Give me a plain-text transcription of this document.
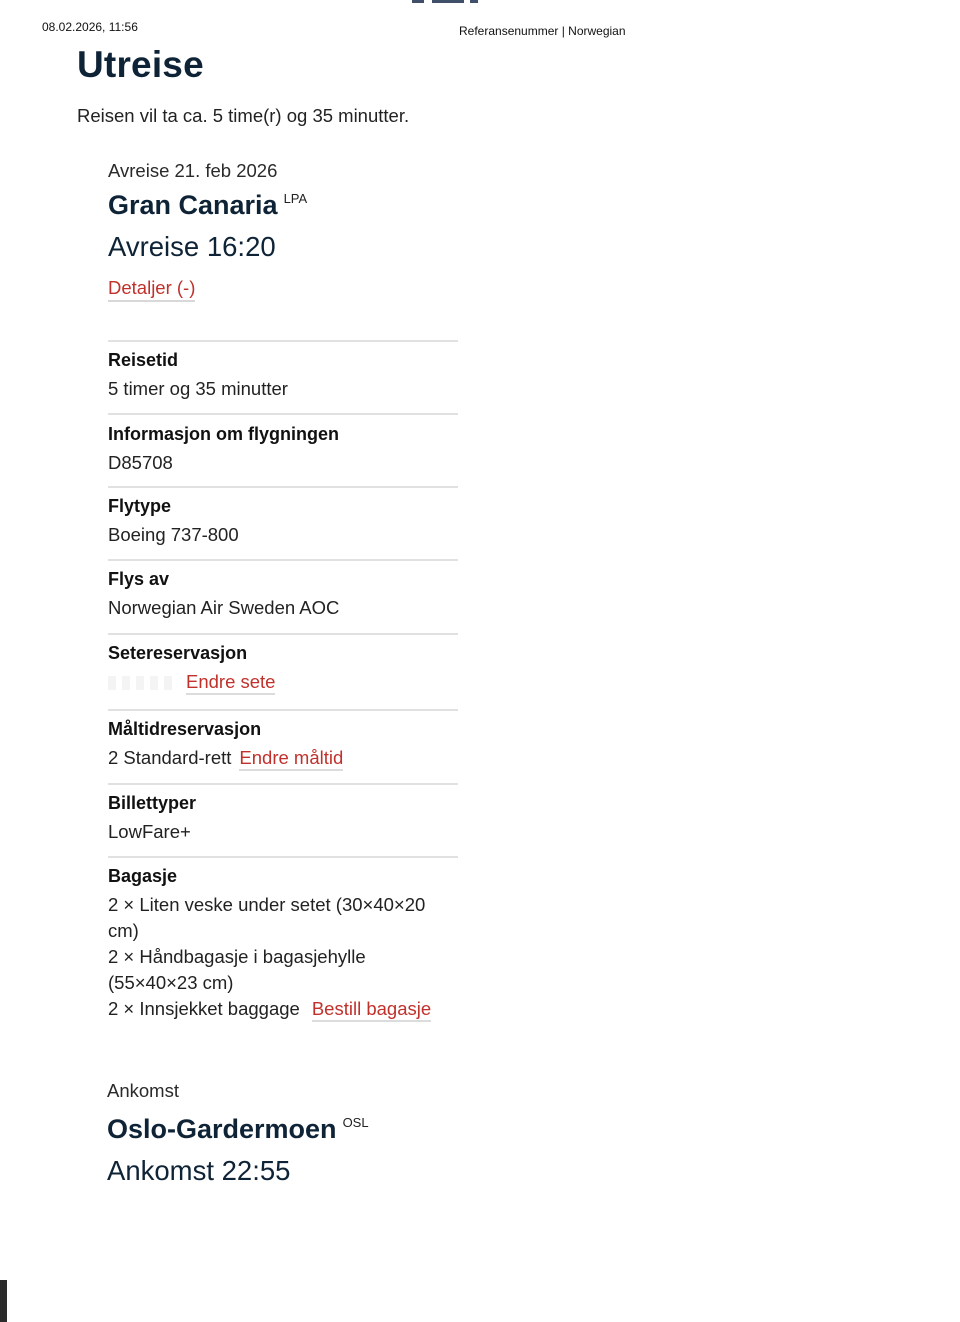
08.02.2026, 11:56	Referansenummer | Norwegian
Utreise
Reisen vil ta ca. 5 time(r) og 35 minutter.
Avreise 21. feb 2026
Gran Canaria $^{LPA}$
Avreise 16:20
Detaljer (-)
Reisetid
5 timer og 35 minutter
Informasjon om flygningen
D85708
Flytype
Boeing 737-800
Flys av
Norwegian Air Sweden AOC
Setereservasjon
Endre sete
Måltidreservasjon
2 Standard-rett Endre måltid
Billettyper
LowFare+
Bagasje
2 × Liten veske under setet (30×40×20 cm)
2 × Håndbagasje i bagasjehylle (55×40×23 cm)
2 × Innsjekket baggage Bestill bagasje
Ankomst
Oslo-Gardermoen $^{OSL}$
Ankomst 22:55
